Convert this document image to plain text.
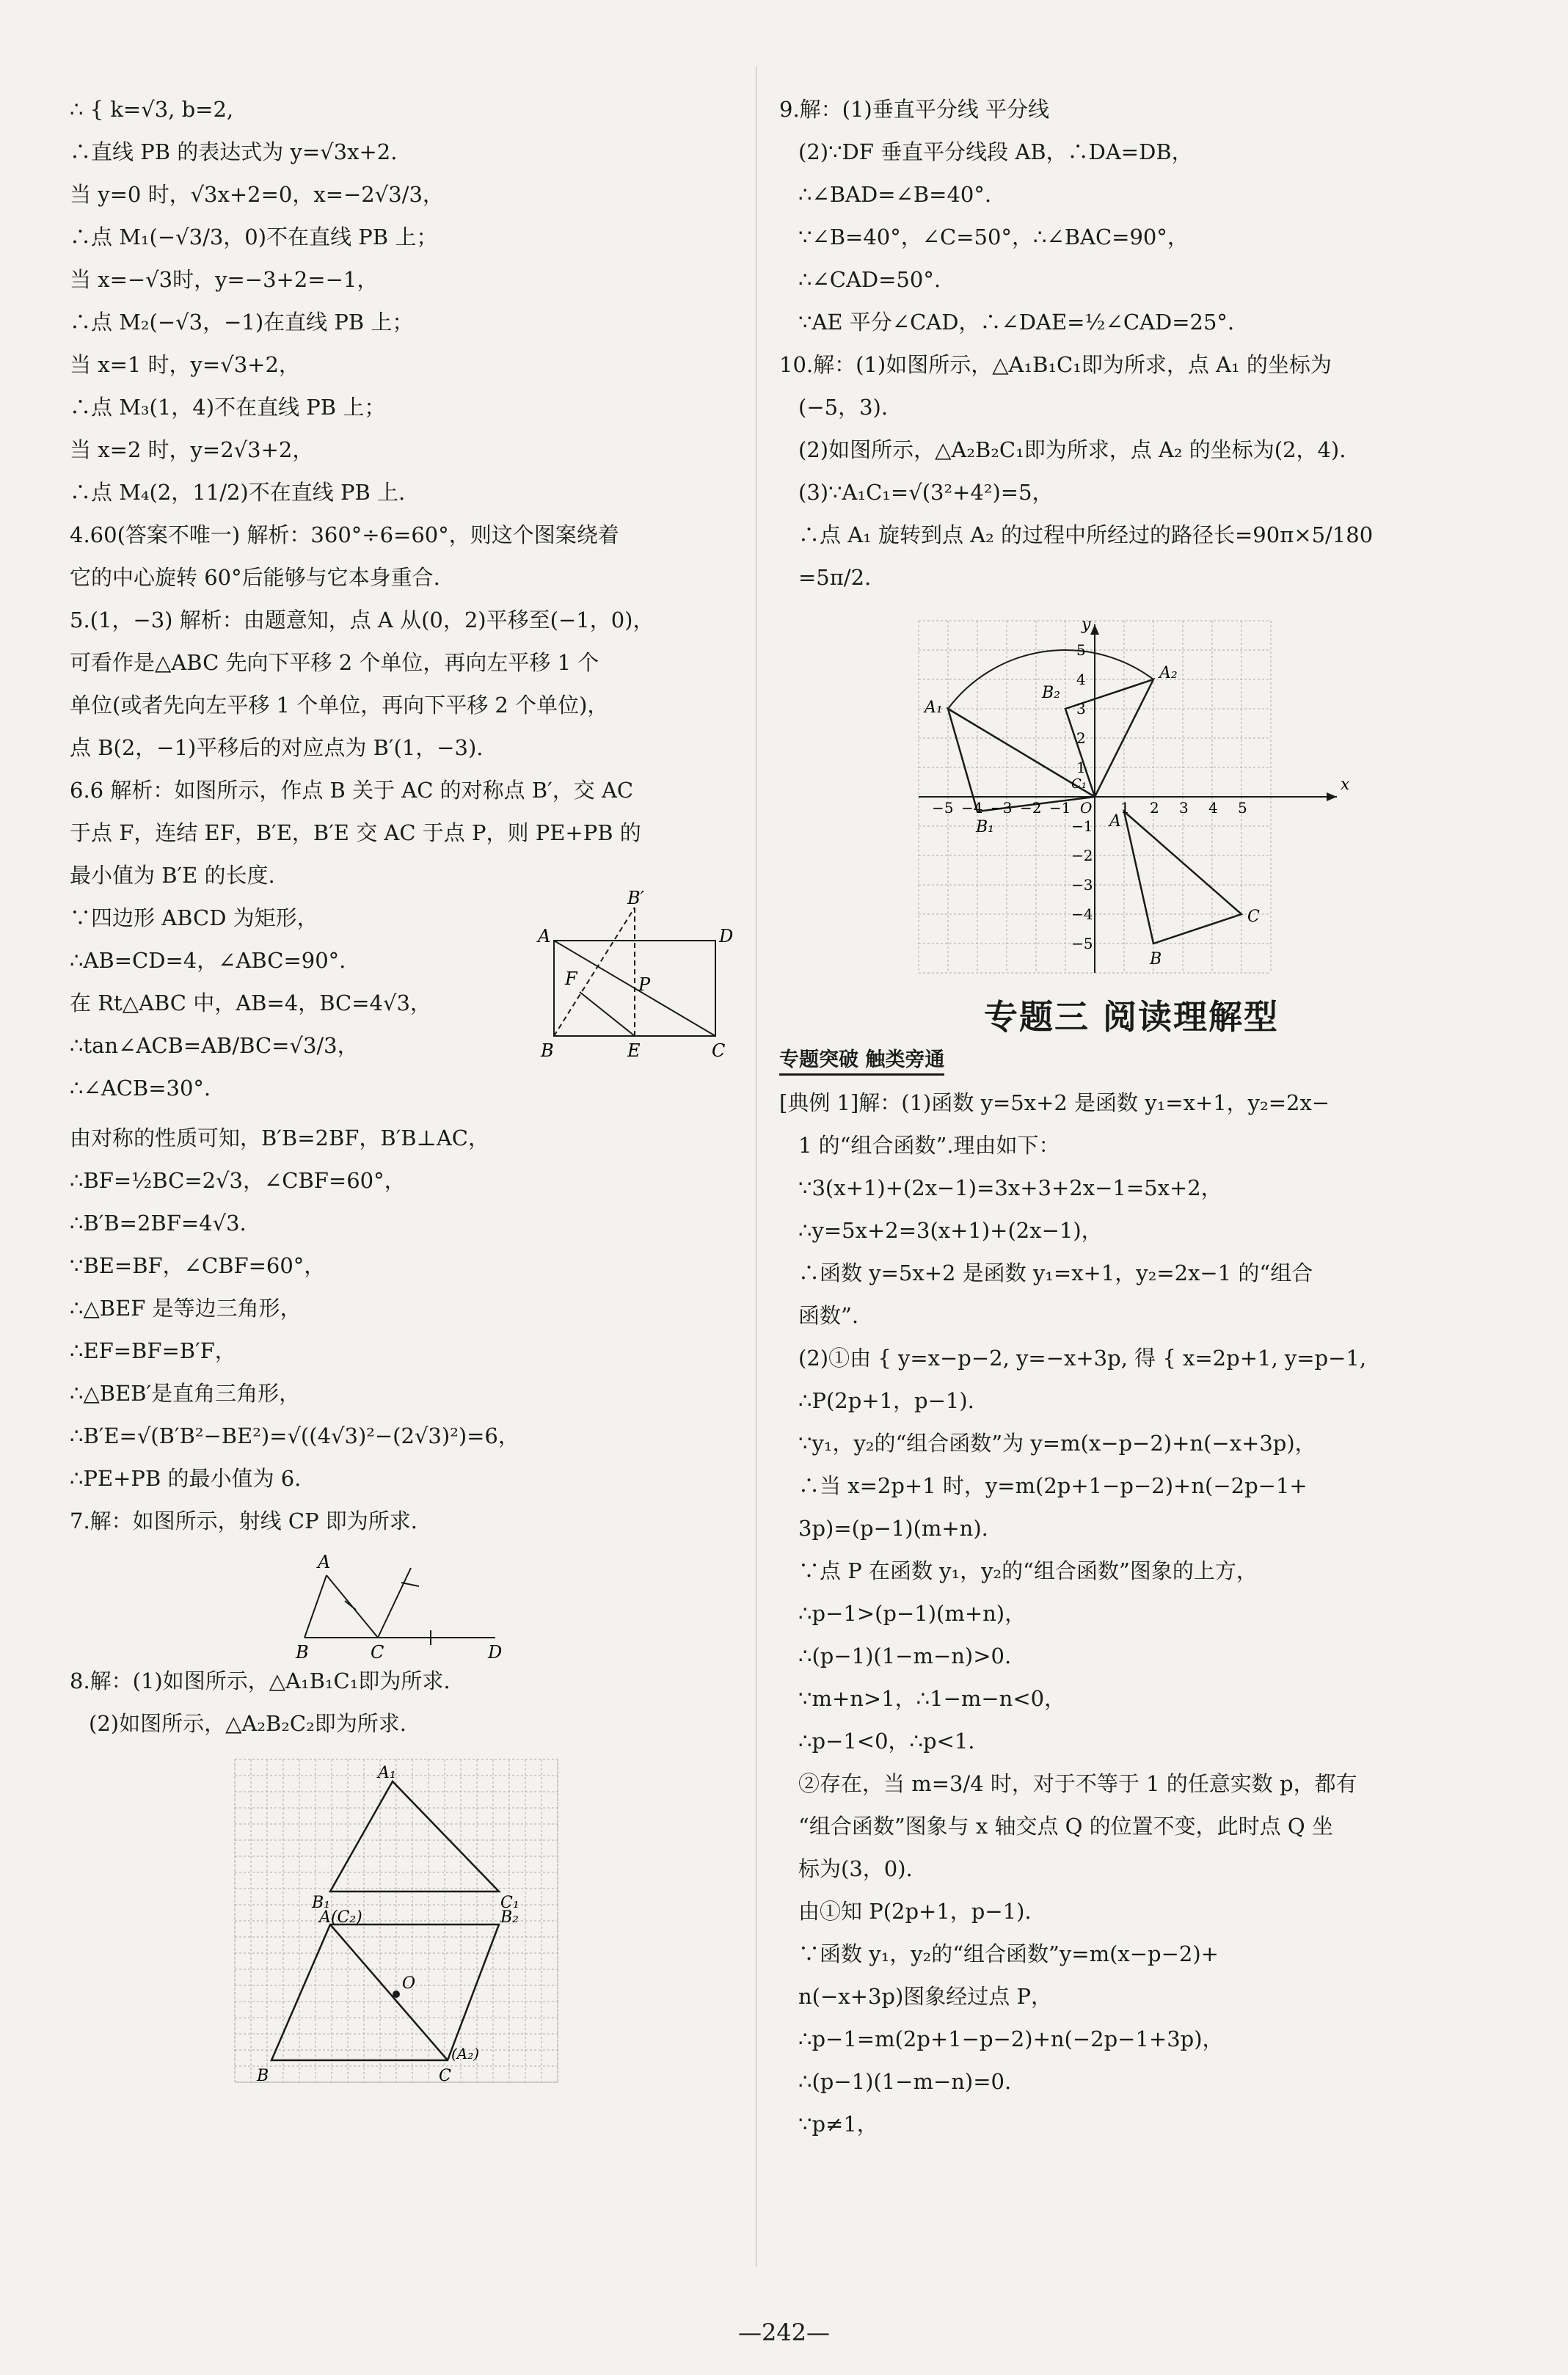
∴ { k=√3, b=2,
∴直线 PB 的表达式为 y=√3x+2.
当 y=0 时，√3x+2=0，x=−2√3/3，
∴点 M₁(−√3/3，0)不在直线 PB 上；
当 x=−√3时，y=−3+2=−1，
∴点 M₂(−√3，−1)在直线 PB 上；
当 x=1 时，y=√3+2，
∴点 M₃(1，4)不在直线 PB 上；
当 x=2 时，y=2√3+2，
∴点 M₄(2，11/2)不在直线 PB 上.
4.60(答案不唯一) 解析：360°÷6=60°，则这个图案绕着
它的中心旋转 60°后能够与它本身重合.
5.(1，−3) 解析：由题意知，点 A 从(0，2)平移至(−1，0)，
可看作是△ABC 先向下平移 2 个单位，再向左平移 1 个
单位(或者先向左平移 1 个单位，再向下平移 2 个单位)，
点 B(2，−1)平移后的对应点为 B′(1，−3).
6.6 解析：如图所示，作点 B 关于 AC 的对称点 B′，交 AC
于点 F，连结 EF，B′E，B′E 交 AC 于点 P，则 PE+PB 的
最小值为 B′E 的长度.
∵四边形 ABCD 为矩形，
∴AB=CD=4，∠ABC=90°.
在 Rt△ABC 中，AB=4，BC=4√3，
∴tan∠ACB=AB/BC=√3/3，
∴∠ACB=30°.
A	D
B′
F	P
B	E	C
由对称的性质可知，B′B=2BF，B′B⊥AC，
∴BF=½BC=2√3，∠CBF=60°，
∴B′B=2BF=4√3.
∵BE=BF，∠CBF=60°，
∴△BEF 是等边三角形，
∴EF=BF=B′F，
∴△BEB′是直角三角形，
∴B′E=√(B′B²−BE²)=√((4√3)²−(2√3)²)=6，
∴PE+PB 的最小值为 6.
7.解：如图所示，射线 CP 即为所求.
A
B	C	D
8.解：(1)如图所示，△A₁B₁C₁即为所求.
(2)如图所示，△A₂B₂C₂即为所求.
A₁
B₁	C₁
A(C₂)	B₂
O
B	C
(A₂)
9.解：(1)垂直平分线 平分线
(2)∵DF 垂直平分线段 AB，∴DA=DB，
∴∠BAD=∠B=40°.
∵∠B=40°，∠C=50°，∴∠BAC=90°，
∴∠CAD=50°.
∵AE 平分∠CAD，∴∠DAE=½∠CAD=25°.
10.解：(1)如图所示，△A₁B₁C₁即为所求，点 A₁ 的坐标为
(−5，3).
(2)如图所示，△A₂B₂C₁即为所求，点 A₂ 的坐标为(2，4).
(3)∵A₁C₁=√(3²+4²)=5，
∴点 A₁ 旋转到点 A₂ 的过程中所经过的路径长=90π×5/180
=5π/2.
y
x
A₁
B₂
A₂
B₁	A
C
B
O
C₁
−5 −4 −3 −2 −1	1 2 3 4 5
5
4
3
2
1
−1
−2
−3
−4
−5
专题三 阅读理解型
专题突破 触类旁通
[典例 1]解：(1)函数 y=5x+2 是函数 y₁=x+1，y₂=2x−
1 的“组合函数”.理由如下：
∵3(x+1)+(2x−1)=3x+3+2x−1=5x+2，
∴y=5x+2=3(x+1)+(2x−1)，
∴函数 y=5x+2 是函数 y₁=x+1，y₂=2x−1 的“组合
函数”.
(2)①由 { y=x−p−2, y=−x+3p, 得 { x=2p+1, y=p−1,
∴P(2p+1，p−1).
∵y₁，y₂的“组合函数”为 y=m(x−p−2)+n(−x+3p)，
∴当 x=2p+1 时，y=m(2p+1−p−2)+n(−2p−1+
3p)=(p−1)(m+n).
∵点 P 在函数 y₁，y₂的“组合函数”图象的上方，
∴p−1>(p−1)(m+n)，
∴(p−1)(1−m−n)>0.
∵m+n>1，∴1−m−n<0，
∴p−1<0，∴p<1.
②存在，当 m=3/4 时，对于不等于 1 的任意实数 p，都有
“组合函数”图象与 x 轴交点 Q 的位置不变，此时点 Q 坐
标为(3，0).
由①知 P(2p+1，p−1).
∵函数 y₁，y₂的“组合函数”y=m(x−p−2)+
n(−x+3p)图象经过点 P，
∴p−1=m(2p+1−p−2)+n(−2p−1+3p)，
∴(p−1)(1−m−n)=0.
∵p≠1，
—242—
